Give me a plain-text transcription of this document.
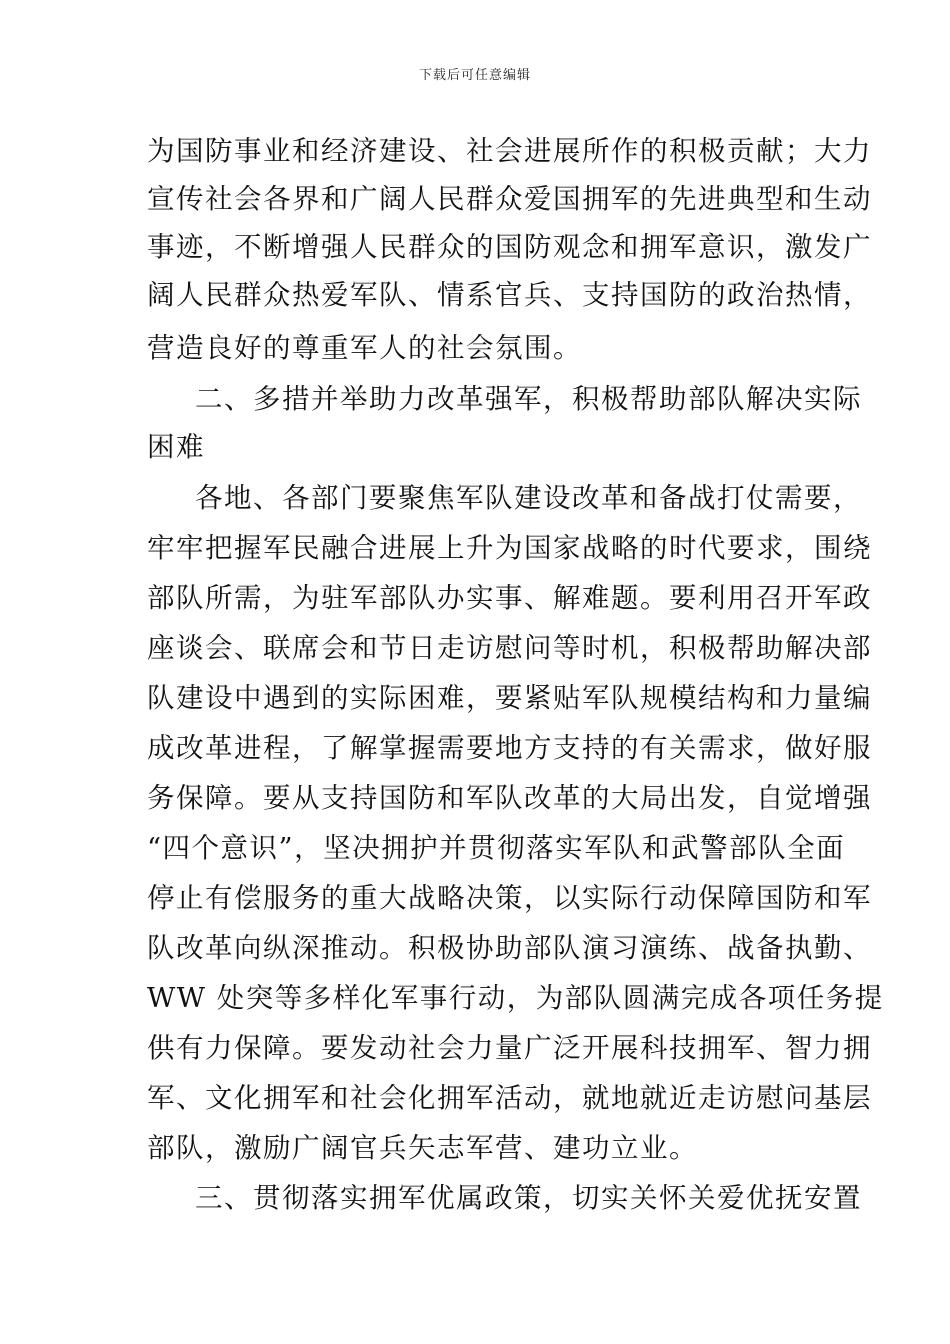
下载后可任意编辑
为国防事业和经济建设、社会进展所作的积极贡献；大力
宣传社会各界和广阔人民群众爱国拥军的先进典型和生动
事迹，不断增强人民群众的国防观念和拥军意识，激发广
阔人民群众热爱军队、情系官兵、支持国防的政治热情，
营造良好的尊重军人的社会氛围。
二、多措并举助力改革强军，积极帮助部队解决实际
困难
各地、各部门要聚焦军队建设改革和备战打仗需要，
牢牢把握军民融合进展上升为国家战略的时代要求，围绕
部队所需，为驻军部队办实事、解难题。要利用召开军政
座谈会、联席会和节日走访慰问等时机，积极帮助解决部
队建设中遇到的实际困难，要紧贴军队规模结构和力量编
成改革进程，了解掌握需要地方支持的有关需求，做好服
务保障。要从支持国防和军队改革的大局出发，自觉增强
“四个意识”，坚决拥护并贯彻落实军队和武警部队全面
停止有偿服务的重大战略决策，以实际行动保障国防和军
队改革向纵深推动。积极协助部队演习演练、战备执勤、
WW 处突等多样化军事行动，为部队圆满完成各项任务提
供有力保障。要发动社会力量广泛开展科技拥军、智力拥
军、文化拥军和社会化拥军活动，就地就近走访慰问基层
部队，激励广阔官兵矢志军营、建功立业。
三、贯彻落实拥军优属政策，切实关怀关爱优抚安置
